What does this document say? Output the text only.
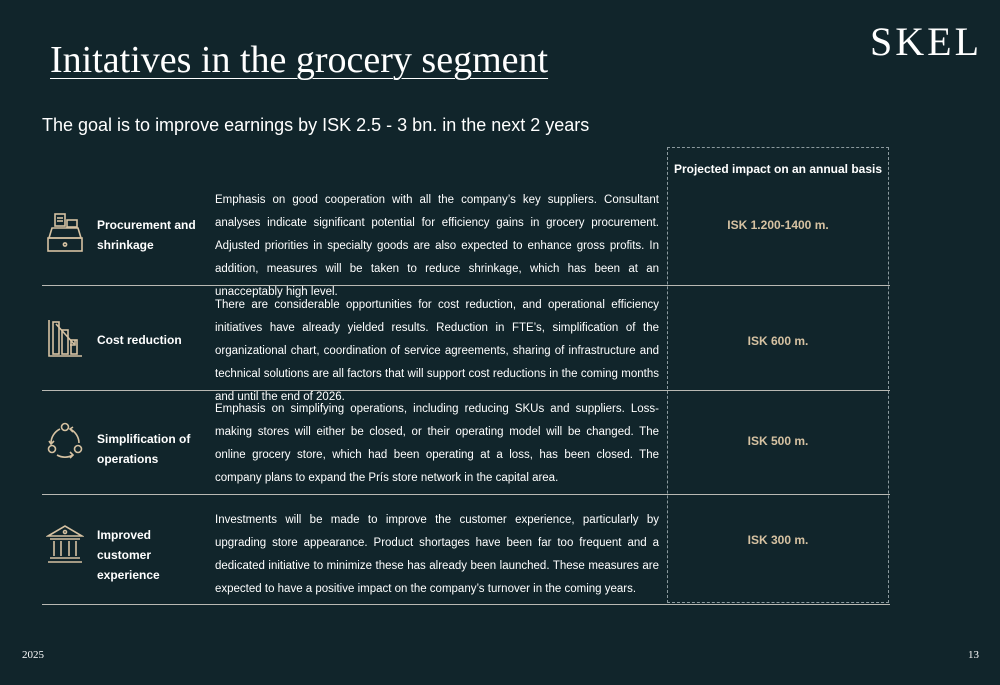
SKEL
Initatives in the grocery segment

The goal is to improve earnings by ISK 2.5 - 3 bn. in the next 2 years

Projected impact on an annual basis
Procurement and shrinkage
Emphasis on good cooperation with all the company’s key suppliers. Consultant analyses indicate significant potential for efficiency gains in grocery procurement. Adjusted priorities in specialty goods are also expected to enhance gross profits. In addition, measures will be taken to reduce shrinkage, which has been at an unacceptably high level.
ISK 1.200-1400 m.
Cost reduction
There are considerable opportunities for cost reduction, and operational efficiency initiatives have already yielded results. Reduction in FTE’s, simplification of the organizational chart, coordination of service agreements, sharing of infrastructure and technical solutions are all factors that will support cost reductions in the coming months and until the end of 2026.
ISK 600 m.
Simplification of operations
Emphasis on simplifying operations, including reducing SKUs and suppliers. Loss-making stores will either be closed, or their operating model will be changed. The online grocery store, which had been operating at a loss, has been closed. The company plans to expand the Prís store network in the capital area.
ISK 500 m.
Improved customer experience
Investments will be made to improve the customer experience, particularly by upgrading store appearance. Product shortages have been far too frequent and a dedicated initiative to minimize these has already been launched. These measures are expected to have a positive impact on the company’s turnover in the coming years.
ISK 300 m.
2025	13
